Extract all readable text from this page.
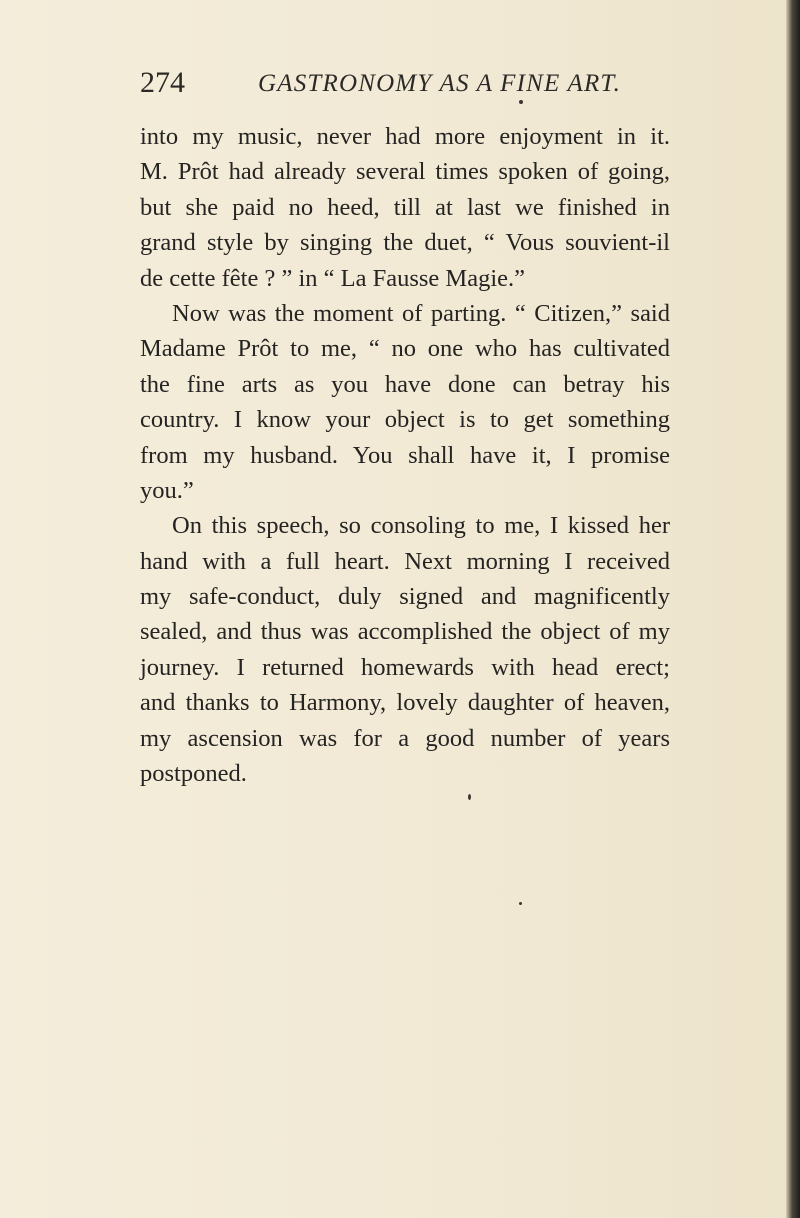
274	GASTRONOMY AS A FINE ART.
into my music, never had more enjoyment in it.
M. Prôt had already several times spoken of going,
but she paid no heed, till at last we finished in
grand style by singing the duet, “ Vous souvient-il
de cette fête ? ” in “ La Fausse Magie.”
Now was the moment of parting. “ Citizen,” said
Madame Prôt to me, “ no one who has cultivated
the fine arts as you have done can betray his
country. I know your object is to get something
from my husband. You shall have it, I promise
you.”
On this speech, so consoling to me, I kissed her
hand with a full heart. Next morning I received
my safe-conduct, duly signed and magnificently
sealed, and thus was accomplished the object of my
journey. I returned homewards with head erect;
and thanks to Harmony, lovely daughter of heaven,
my ascension was for a good number of years
postponed.
